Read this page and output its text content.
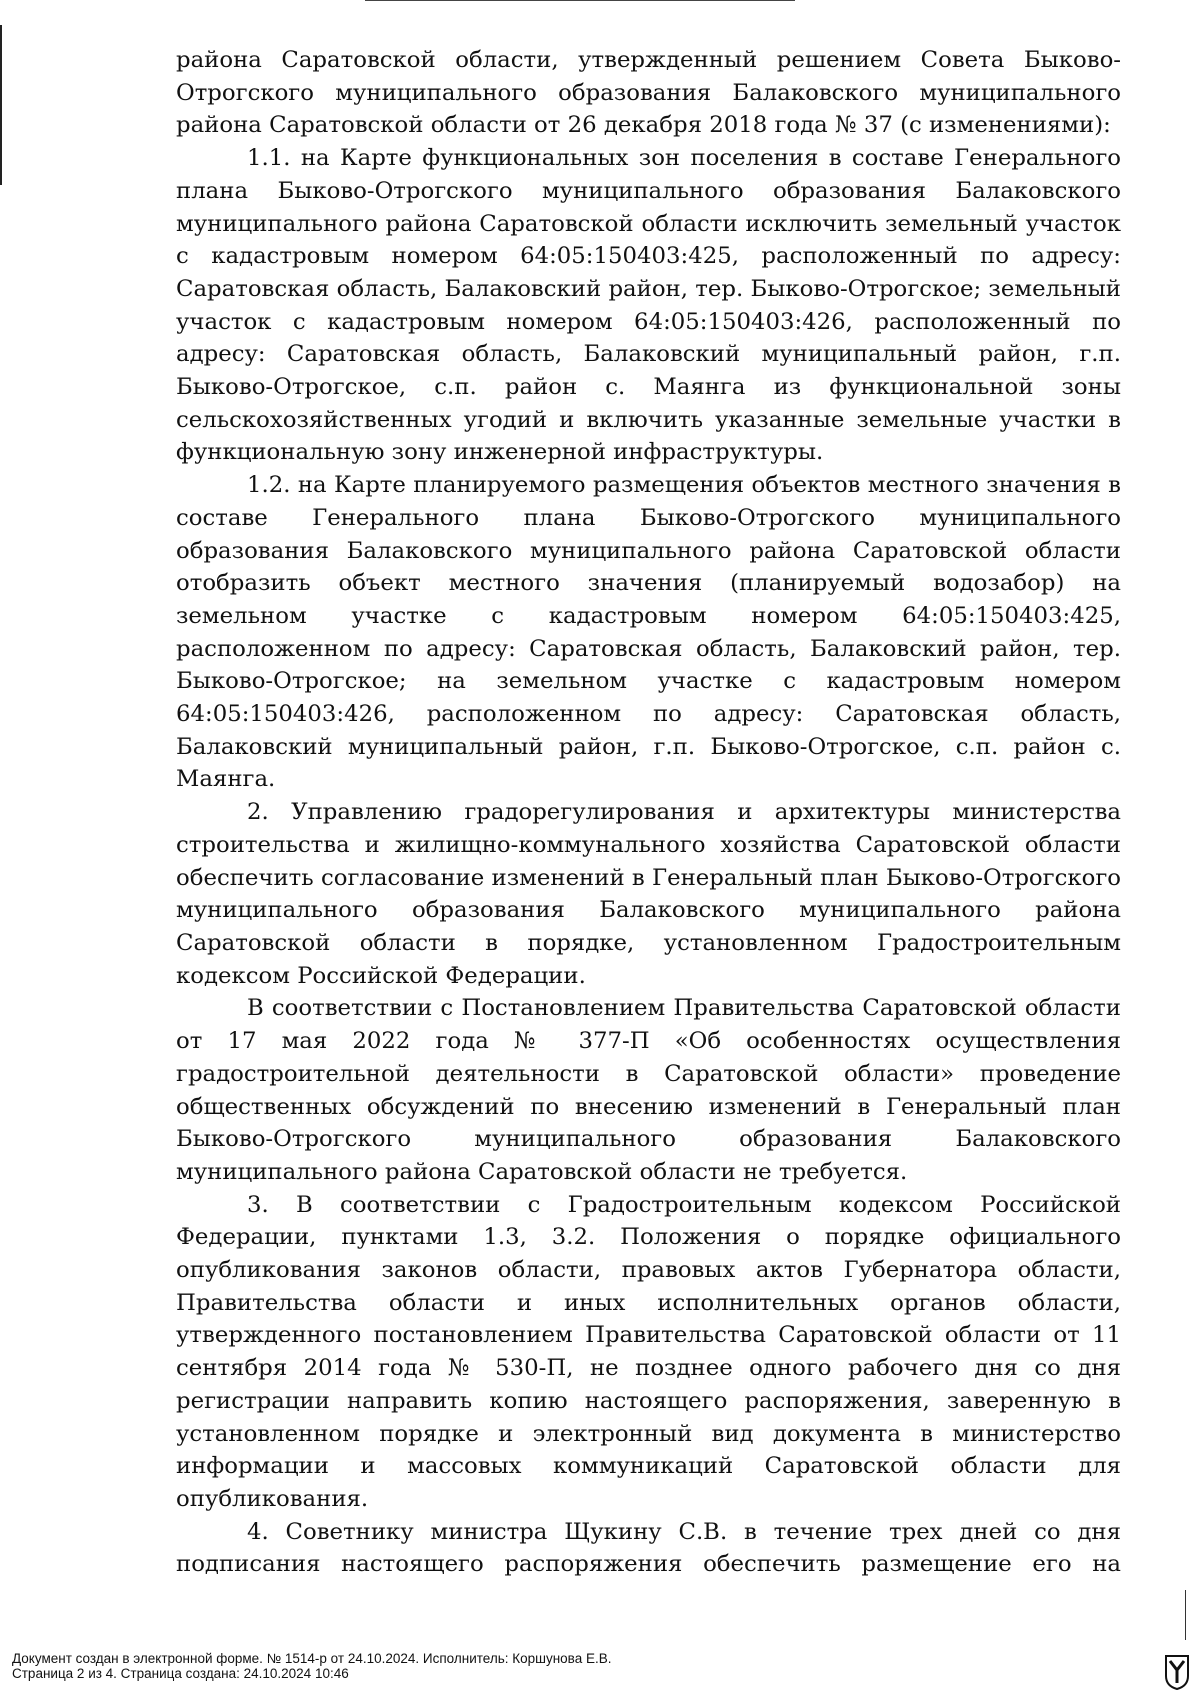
района Саратовской области, утвержденный решением Совета Быково-Отрогского муниципального образования Балаковского муниципального района Саратовской области от 26 декабря 2018 года № 37 (с изменениями):

1.1. на Карте функциональных зон поселения в составе Генерального плана Быково-Отрогского муниципального образования Балаковского муниципального района Саратовской области исключить земельный участок с кадастровым номером 64:05:150403:425, расположенный по адресу: Саратовская область, Балаковский район, тер. Быково-Отрогское; земельный участок с кадастровым номером 64:05:150403:426, расположенный по адресу: Саратовская область, Балаковский муниципальный район, г.п. Быково-Отрогское, с.п. район с. Маянга из функциональной зоны сельскохозяйственных угодий и включить указанные земельные участки в функциональную зону инженерной инфраструктуры.

1.2. на Карте планируемого размещения объектов местного значения в составе Генерального плана Быково-Отрогского муниципального образования Балаковского муниципального района Саратовской области отобразить объект местного значения (планируемый водозабор) на земельном участке с кадастровым номером 64:05:150403:425, расположенном по адресу: Саратовская область, Балаковский район, тер. Быково-Отрогское; на земельном участке с кадастровым номером 64:05:150403:426, расположенном по адресу: Саратовская область, Балаковский муниципальный район, г.п. Быково-Отрогское, с.п. район с. Маянга.

2. Управлению градорегулирования и архитектуры министерства строительства и жилищно-коммунального хозяйства Саратовской области обеспечить согласование изменений в Генеральный план Быково-Отрогского муниципального образования Балаковского муниципального района Саратовской области в порядке, установленном Градостроительным кодексом Российской Федерации.

В соответствии с Постановлением Правительства Саратовской области от 17 мая 2022 года № 377-П «Об особенностях осуществления градостроительной деятельности в Саратовской области» проведение общественных обсуждений по внесению изменений в Генеральный план Быково-Отрогского муниципального образования Балаковского муниципального района Саратовской области не требуется.

3. В соответствии с Градостроительным кодексом Российской Федерации, пунктами 1.3, 3.2. Положения о порядке официального опубликования законов области, правовых актов Губернатора области, Правительства области и иных исполнительных органов области, утвержденного постановлением Правительства Саратовской области от 11 сентября 2014 года № 530-П, не позднее одного рабочего дня со дня регистрации направить копию настоящего распоряжения, заверенную в установленном порядке и электронный вид документа в министерство информации и массовых коммуникаций Саратовской области для опубликования.

4. Советнику министра Щукину С.В. в течение трех дней со дня подписания настоящего распоряжения обеспечить размещение его на

Документ создан в электронной форме. № 1514-р от 24.10.2024. Исполнитель: Коршунова Е.В.
Страница 2 из 4. Страница создана: 24.10.2024 10:46
